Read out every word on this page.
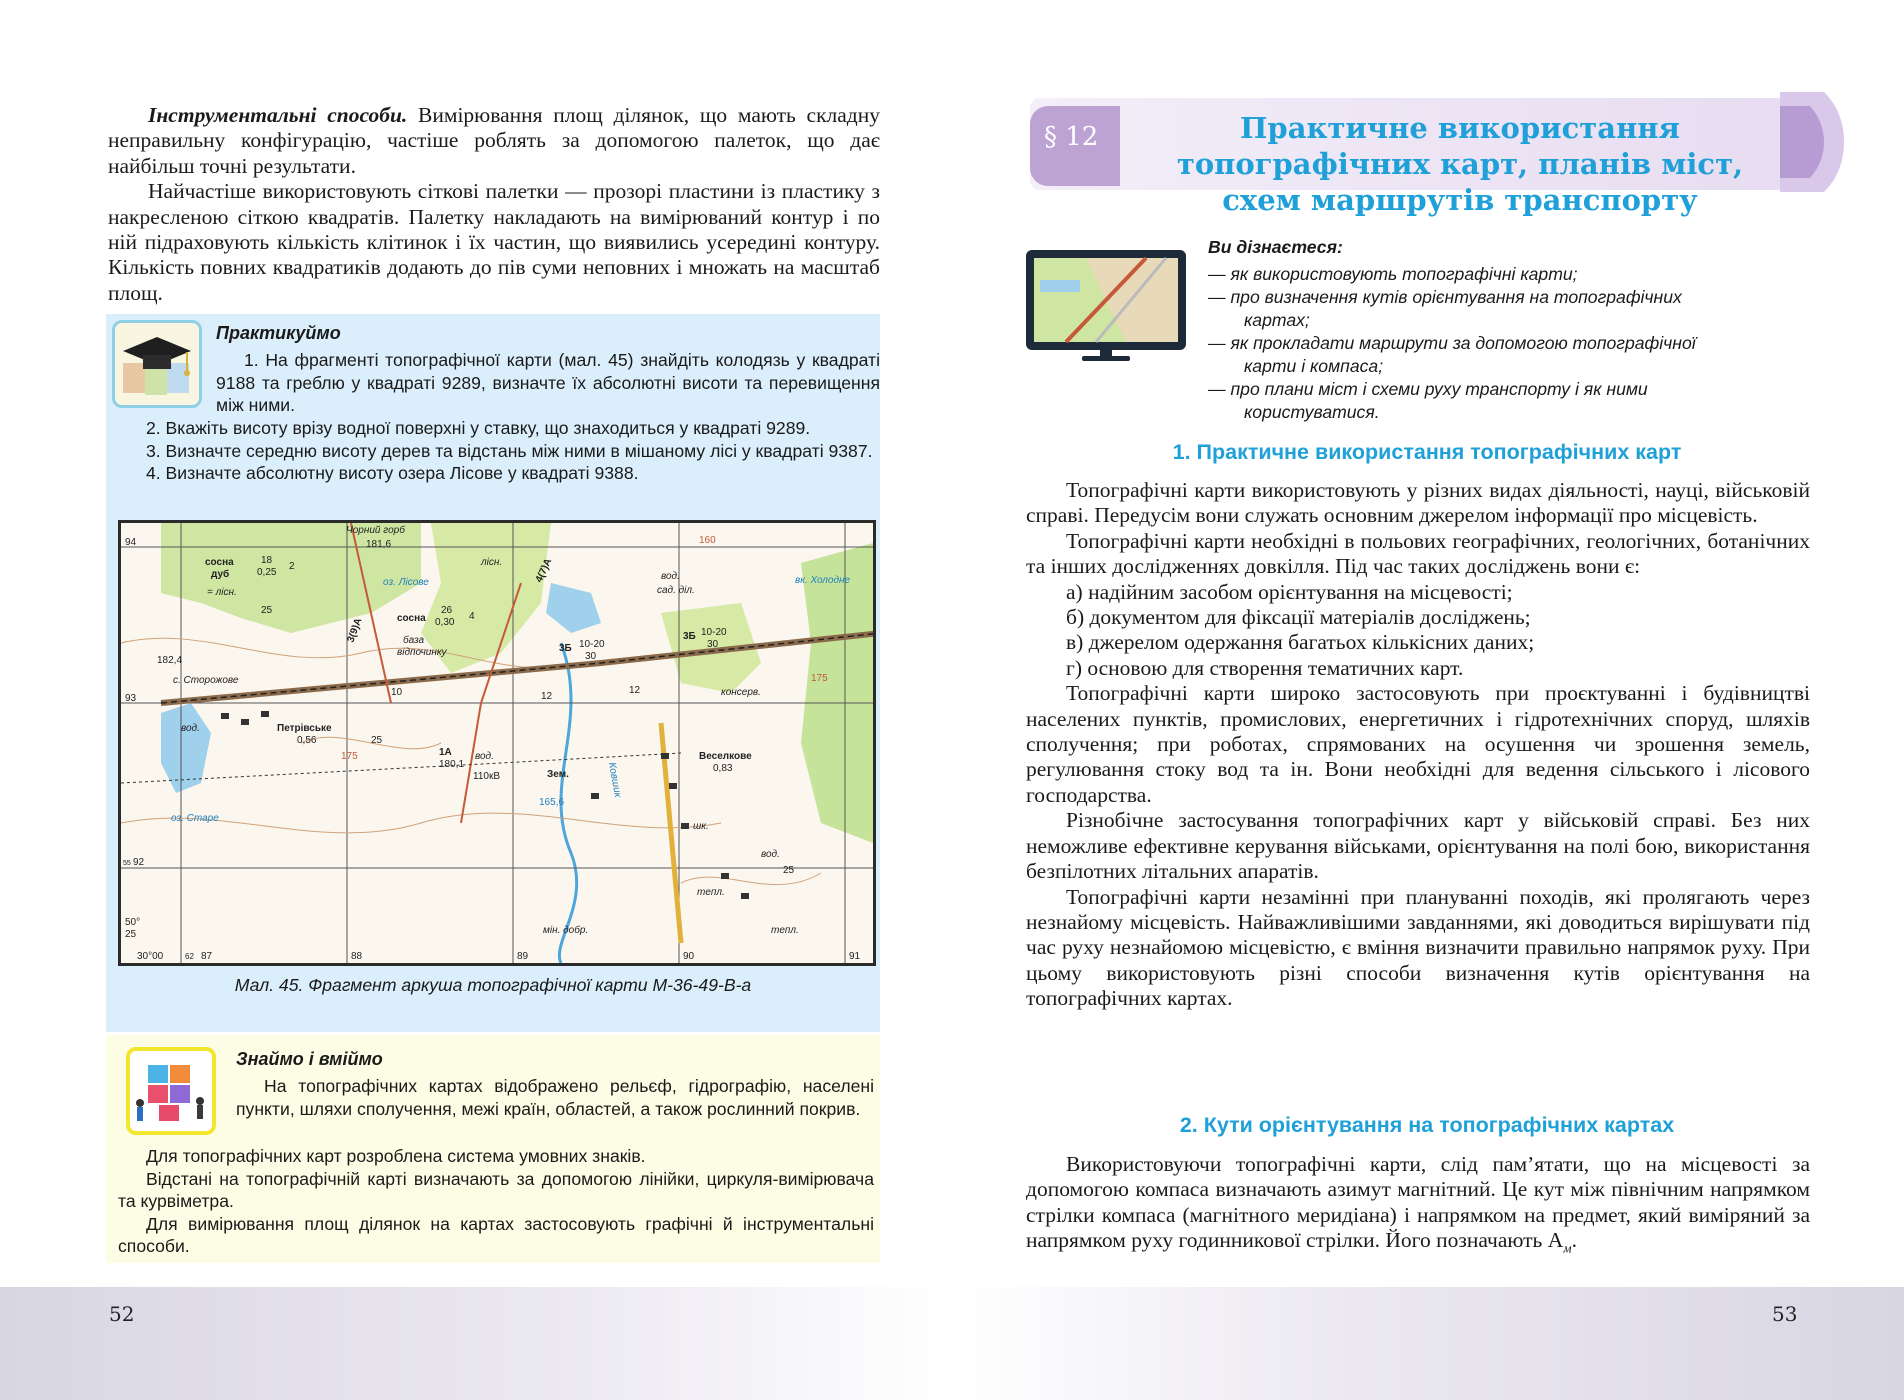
Інструментальні способи. Вимірювання площ ділянок, що мають складну неправильну конфігурацію, частіше роблять за допомогою палеток, що дає найбільш точні результати.

Найчастіше використовують сіткові палетки — прозорі пластини із пластику з накресленою сіткою квадратів. Палетку накладають на вимірюваний контур і по ній підраховують кількість клітинок і їх частин, що виявились усередині контуру. Кількість повних квадратиків додають до пів суми неповних і множать на масштаб площ.

Практикуймо
1. На фрагменті топографічної карти (мал. 45) знайдіть колодязь у квадраті 9188 та греблю у квадраті 9289, визначте їх абсолютні висоти та перевищення між ними.

2. Вкажіть висоту врізу водної поверхні у ставку, що знаходиться у квадраті 9289.

3. Визначте середню висоту дерев та відстань між ними в мішаному лісі у квадраті 9387.

4. Визначте абсолютну висоту озера Лісове у квадраті 9388.

94
93
92
55
50°
25
30°00	62 87	88	89	90	91
Чорний горб
181,6
сосна
дуб
18
0,25
2
= лісн.
оз. Лісове
лісн.
25
сосна
26
0,30
4
база
відпочинку	3Б 10-20
30
3Б 10-20
30
вод.
сад. діл.
вк. Холодне
182,4
с. Сторожове
10	12
12	консерв.
175
175
160
вод.	Петрівське
0,56	25
25
1А
180,1
вод.
110кВ	Зем.
Веселкове
0,83
Ковшик
165,6
оз. Старе
шк.
вод.
тепл.
тепл.
мін. добр.
3(9)А
4(7)А
Мал. 45. Фрагмент аркуша топографічної карти M-36-49-B-a
Знаймо і вміймо
На топографічних картах відображено рельєф, гідрографію, населені пункти, шляхи сполучення, межі країн, областей, а також рослинний покрив.

Для топографічних карт розроблена система умовних знаків.

Відстані на топографічній карті визначають за допомогою лінійки, циркуля-вимірювача та курвіметра.

Для вимірювання площ ділянок на картах застосовують графічні й інструментальні способи.

§ 12	Практичне використання
топографічних карт, планів міст,
схем маршрутів транспорту
Ви дізнаєтеся:
— як використовують топографічні карти;
— про визначення кутів орієнтування на топографічних
картах;
— як прокладати маршрути за допомогою топографічної
карти і компаса;
— про плани міст і схеми руху транспорту і як ними
користуватися.
1. Практичне використання топографічних карт

Топографічні карти використовують у різних видах діяльності, науці, військовій справі. Передусім вони служать основним джерелом інформації про місцевість.

Топографічні карти необхідні в польових географічних, геологічних, ботанічних та інших дослідженнях довкілля. Під час таких досліджень вони є:

а) надійним засобом орієнтування на місцевості;

б) документом для фіксації матеріалів досліджень;

в) джерелом одержання багатьох кількісних даних;

г) основою для створення тематичних карт.

Топографічні карти широко застосовують при проєктуванні і будівництві населених пунктів, промислових, енергетичних і гідротехнічних споруд, шляхів сполучення; при роботах, спрямованих на осушення чи зрошення земель, регулювання стоку вод та ін. Вони необхідні для ведення сільського і лісового господарства.

Різнобічне застосування топографічних карт у військовій справі. Без них неможливе ефективне керування військами, орієнтування на полі бою, використання безпілотних літальних апаратів.

Топографічні карти незамінні при плануванні походів, які пролягають через незнайому місцевість. Найважливішими завданнями, які доводиться вирішувати під час руху незнайомою місцевістю, є вміння визначити правильно напрямок руху. При цьому використовують різні способи визначення кутів орієнтування на топографічних картах.

2. Кути орієнтування на топографічних картах

Використовуючи топографічні карти, слід пам’ятати, що на місцевості за допомогою компаса визначають азимут магнітний. Це кут між північним напрямком стрілки компаса (магнітного меридіана) і напрямком на предмет, який виміряний за напрямком руху годинникової стрілки. Його позначають $A_м$.

52	53
